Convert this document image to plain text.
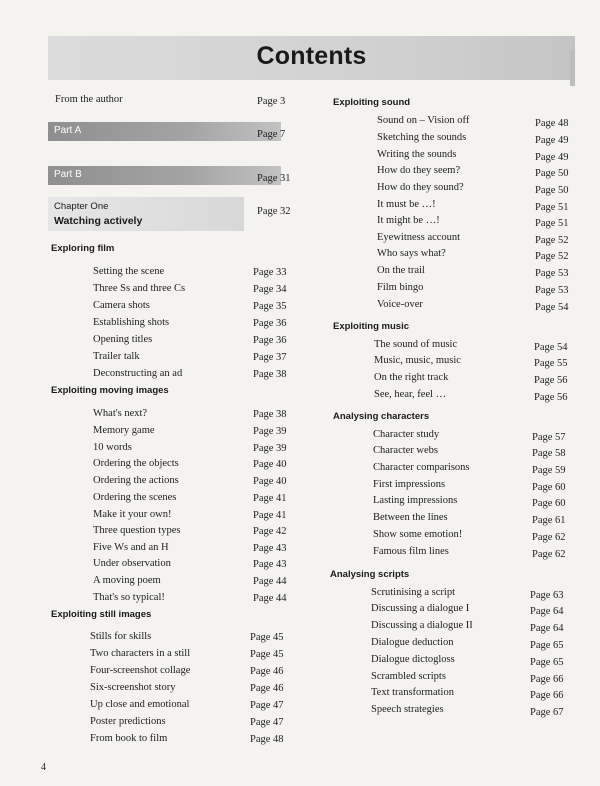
Contents
From the author	Page 3
Part A	Page 7
Part B	Page 31
Chapter One
Watching actively
Page 32
Exploring film
Setting the scene	Page 33
Three Ss and three Cs	Page 34
Camera shots	Page 35
Establishing shots	Page 36
Opening titles	Page 36
Trailer talk	Page 37
Deconstructing an ad	Page 38
Exploiting moving images
What's next?	Page 38
Memory game	Page 39
10 words	Page 39
Ordering the objects	Page 40
Ordering the actions	Page 40
Ordering the scenes	Page 41
Make it your own!	Page 41
Three question types	Page 42
Five Ws and an H	Page 43
Under observation	Page 43
A moving poem	Page 44
That's so typical!	Page 44
Exploiting still images
Stills for skills	Page 45
Two characters in a still	Page 45
Four-screenshot collage	Page 46
Six-screenshot story	Page 46
Up close and emotional	Page 47
Poster predictions	Page 47
From book to film	Page 48
Exploiting sound
Sound on – Vision off	Page 48
Sketching the sounds	Page 49
Writing the sounds	Page 49
How do they seem?	Page 50
How do they sound?	Page 50
It must be …!	Page 51
It might be …!	Page 51
Eyewitness account	Page 52
Who says what?	Page 52
On the trail	Page 53
Film bingo	Page 53
Voice-over	Page 54
Exploiting music
The sound of music	Page 54
Music, music, music	Page 55
On the right track	Page 56
See, hear, feel …	Page 56
Analysing characters
Character study	Page 57
Character webs	Page 58
Character comparisons	Page 59
First impressions	Page 60
Lasting impressions	Page 60
Between the lines	Page 61
Show some emotion!	Page 62
Famous film lines	Page 62
Analysing scripts
Scrutinising a script	Page 63
Discussing a dialogue I	Page 64
Discussing a dialogue II	Page 64
Dialogue deduction	Page 65
Dialogue dictogloss	Page 65
Scrambled scripts	Page 66
Text transformation	Page 66
Speech strategies	Page 67
4
